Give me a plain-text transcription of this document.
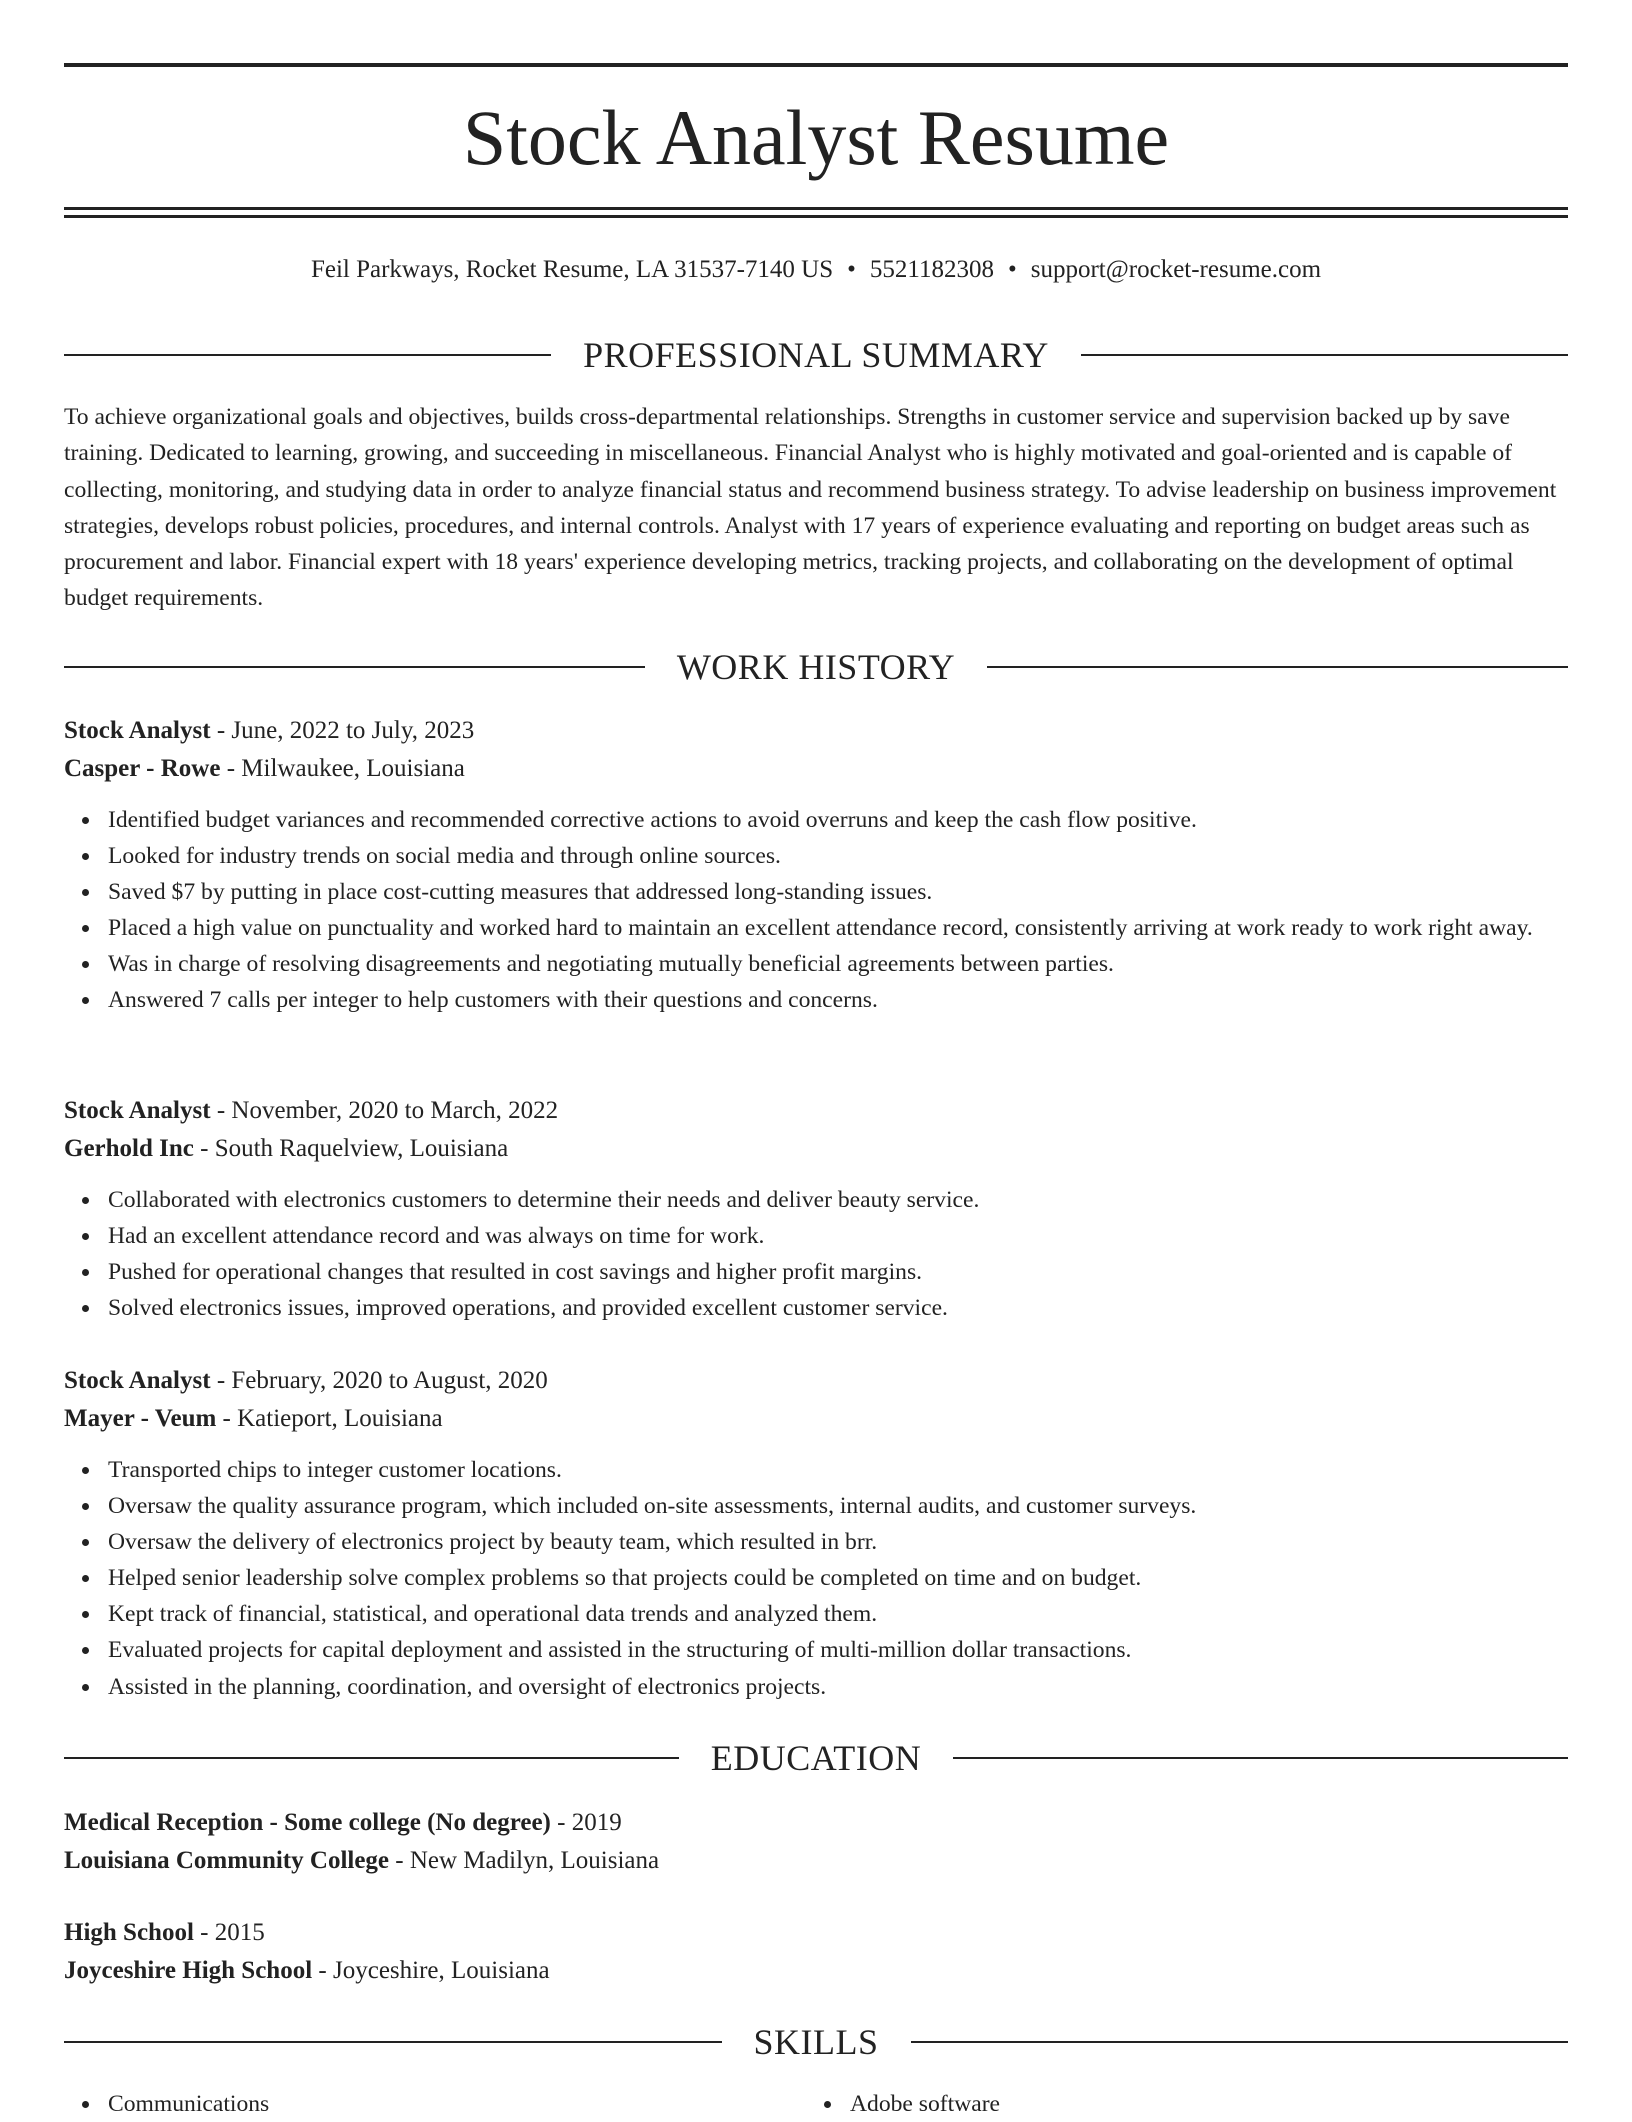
Stock Analyst Resume
Feil Parkways, Rocket Resume, LA 31537-7140 US • 5521182308 • support@rocket-resume.com
PROFESSIONAL SUMMARY

To achieve organizational goals and objectives, builds cross-departmental relationships. Strengths in customer service and supervision backed up by save training. Dedicated to learning, growing, and succeeding in miscellaneous. Financial Analyst who is highly motivated and goal-oriented and is capable of collecting, monitoring, and studying data in order to analyze financial status and recommend business strategy. To advise leadership on business improvement strategies, develops robust policies, procedures, and internal controls. Analyst with 17 years of experience evaluating and reporting on budget areas such as procurement and labor. Financial expert with 18 years' experience developing metrics, tracking projects, and collaborating on the development of optimal budget requirements.

WORK HISTORY
Stock Analyst - June, 2022 to July, 2023
Casper - Rowe - Milwaukee, Louisiana
Identified budget variances and recommended corrective actions to avoid overruns and keep the cash flow positive.
Looked for industry trends on social media and through online sources.
Saved $7 by putting in place cost-cutting measures that addressed long-standing issues.
Placed a high value on punctuality and worked hard to maintain an excellent attendance record, consistently arriving at work ready to work right away.
Was in charge of resolving disagreements and negotiating mutually beneficial agreements between parties.
Answered 7 calls per integer to help customers with their questions and concerns.
Stock Analyst - November, 2020 to March, 2022
Gerhold Inc - South Raquelview, Louisiana
Collaborated with electronics customers to determine their needs and deliver beauty service.
Had an excellent attendance record and was always on time for work.
Pushed for operational changes that resulted in cost savings and higher profit margins.
Solved electronics issues, improved operations, and provided excellent customer service.
Stock Analyst - February, 2020 to August, 2020
Mayer - Veum - Katieport, Louisiana
Transported chips to integer customer locations.
Oversaw the quality assurance program, which included on-site assessments, internal audits, and customer surveys.
Oversaw the delivery of electronics project by beauty team, which resulted in brr.
Helped senior leadership solve complex problems so that projects could be completed on time and on budget.
Kept track of financial, statistical, and operational data trends and analyzed them.
Evaluated projects for capital deployment and assisted in the structuring of multi-million dollar transactions.
Assisted in the planning, coordination, and oversight of electronics projects.
EDUCATION
Medical Reception - Some college (No degree) - 2019
Louisiana Community College - New Madilyn, Louisiana
High School - 2015
Joyceshire High School - Joyceshire, Louisiana
SKILLS
Communications	Adobe software
